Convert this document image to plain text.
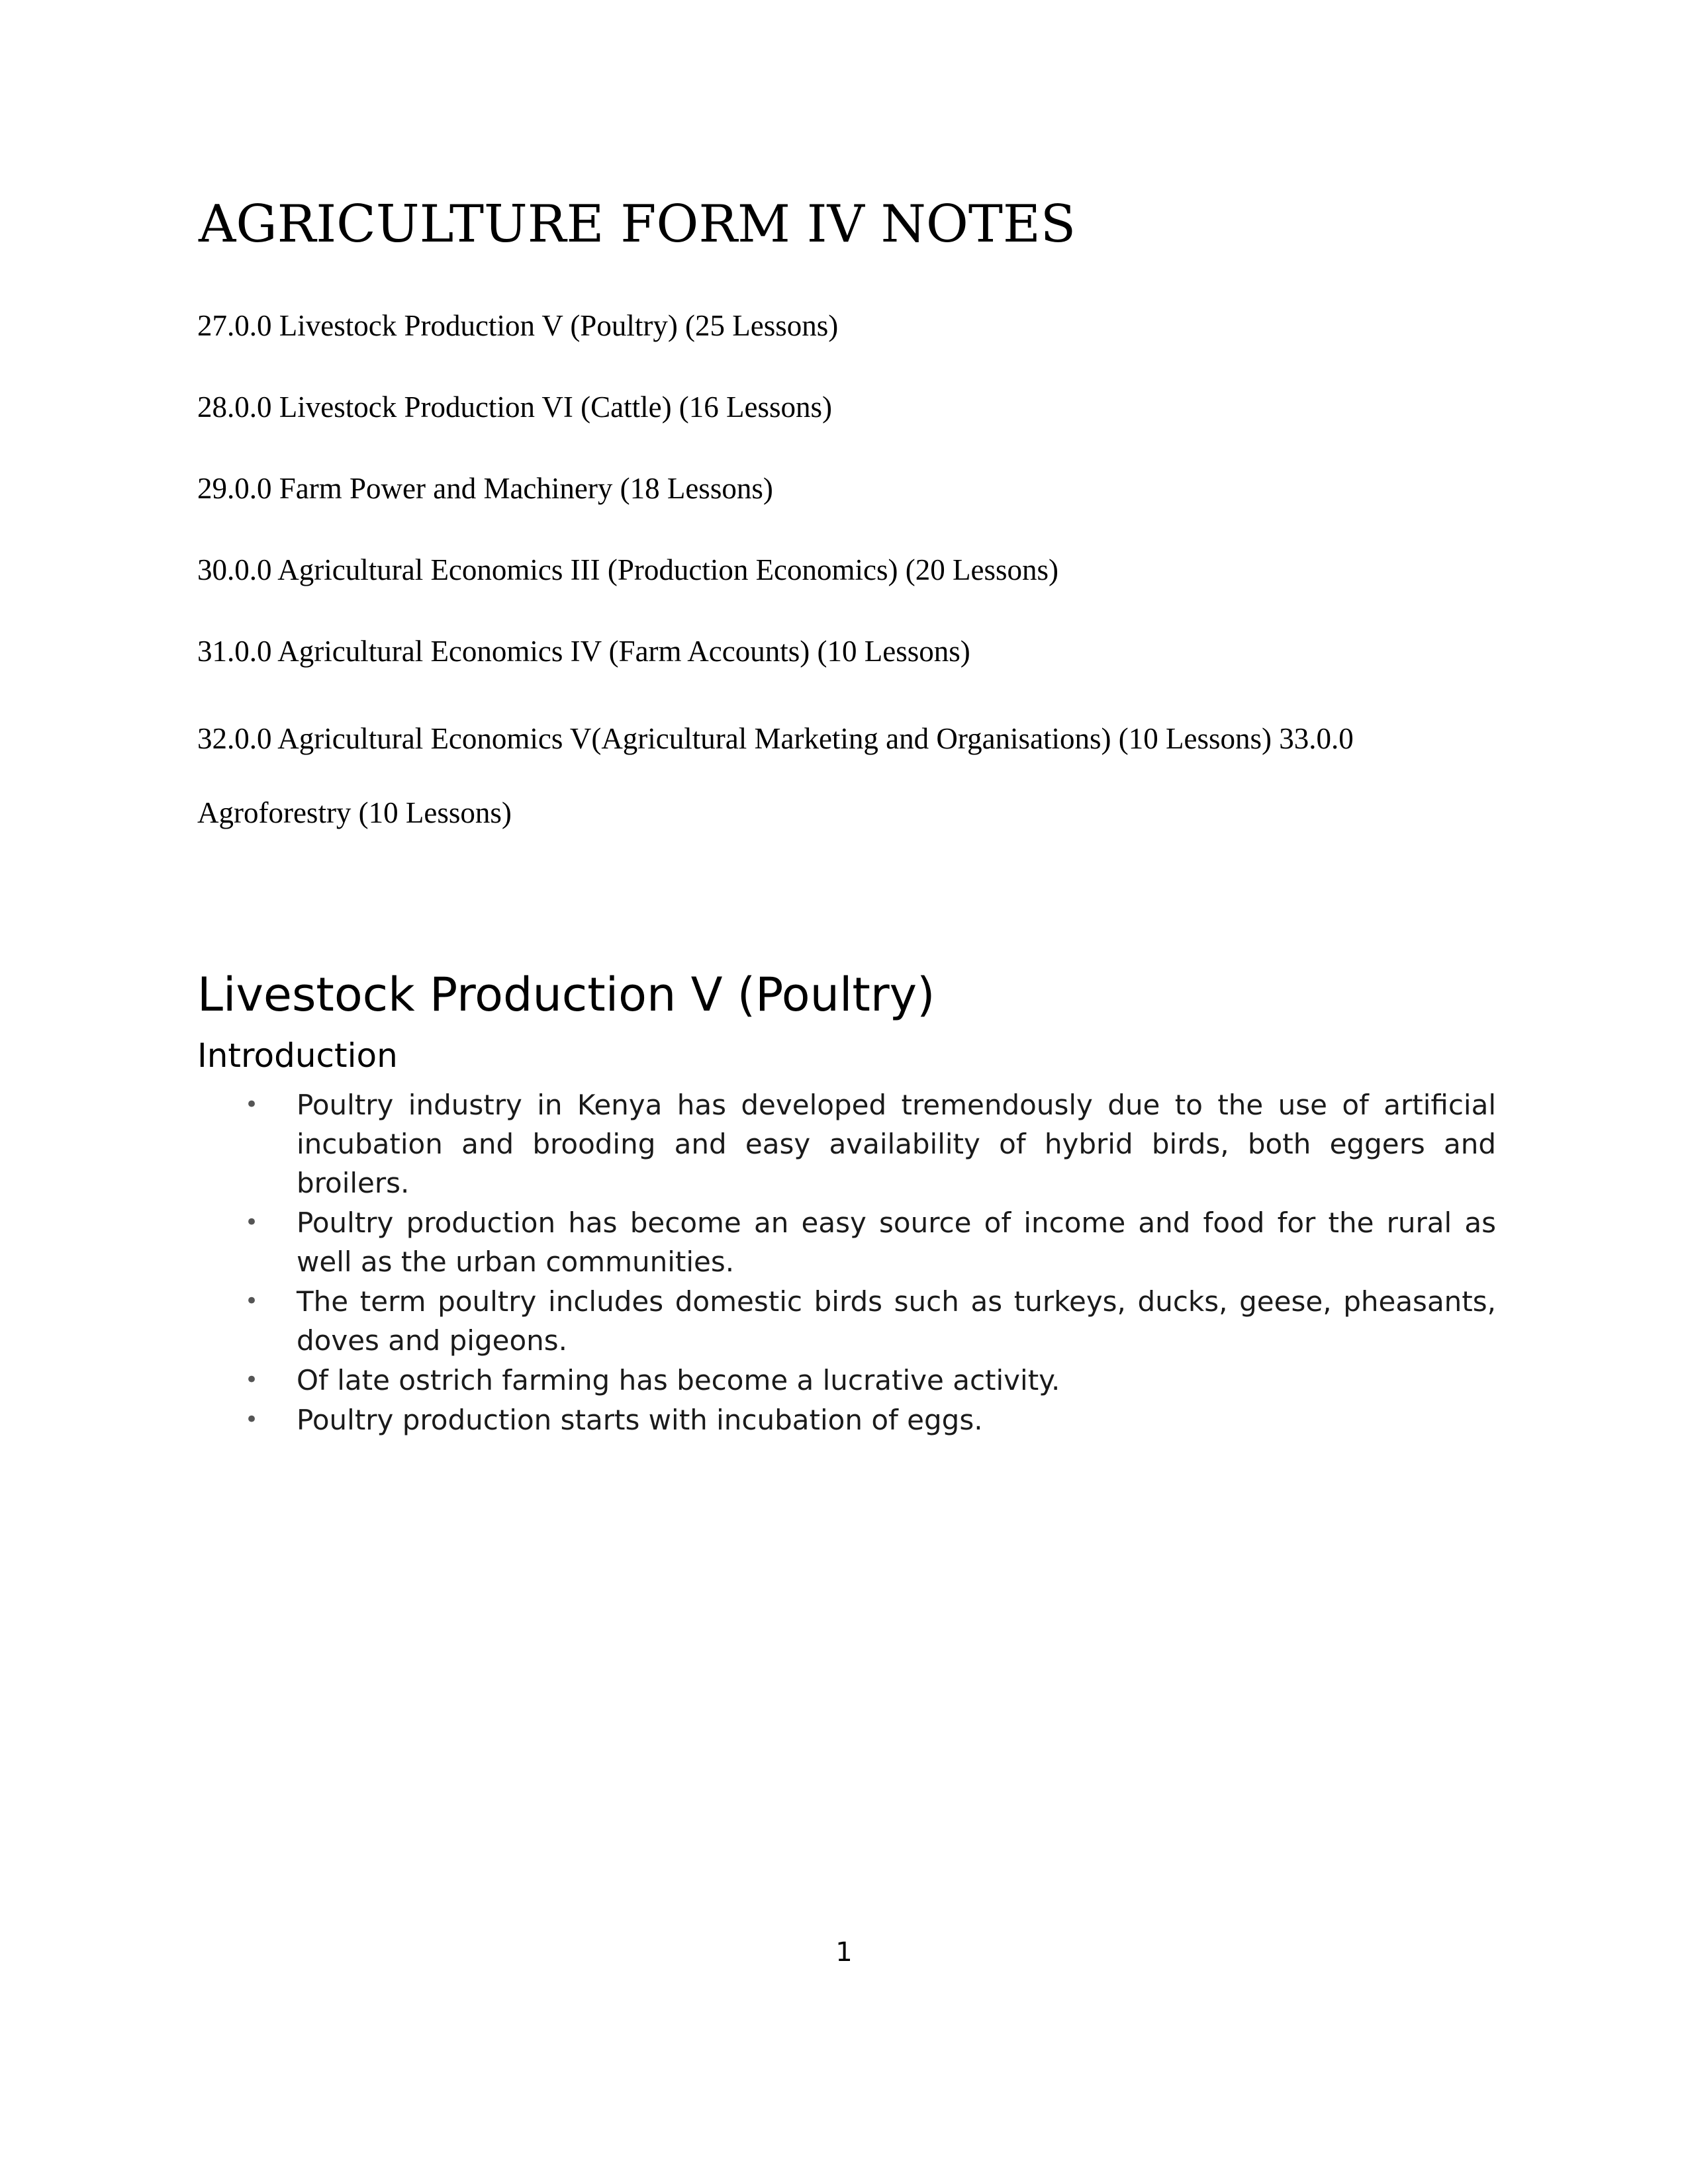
AGRICULTURE FORM IV NOTES
27.0.0 Livestock Production V (Poultry) (25 Lessons)
28.0.0 Livestock Production VI (Cattle) (16 Lessons)
29.0.0 Farm Power and Machinery (18 Lessons)
30.0.0 Agricultural Economics III (Production Economics) (20 Lessons)
31.0.0 Agricultural Economics IV (Farm Accounts) (10 Lessons)
32.0.0 Agricultural Economics V(Agricultural Marketing and Organisations) (10 Lessons) 33.0.0 Agroforestry (10 Lessons)
Livestock Production V (Poultry)
Introduction
•	Poultry industry in Kenya has developed tremendously due to the use of artificial incubation and brooding and easy availability of hybrid birds, both eggers and broilers.
•	Poultry production has become an easy source of income and food for the rural as well as the urban communities.
•	The term poultry includes domestic birds such as turkeys, ducks, geese, pheasants, doves and pigeons.
•	Of late ostrich farming has become a lucrative activity.
•	Poultry production starts with incubation of eggs.
1
